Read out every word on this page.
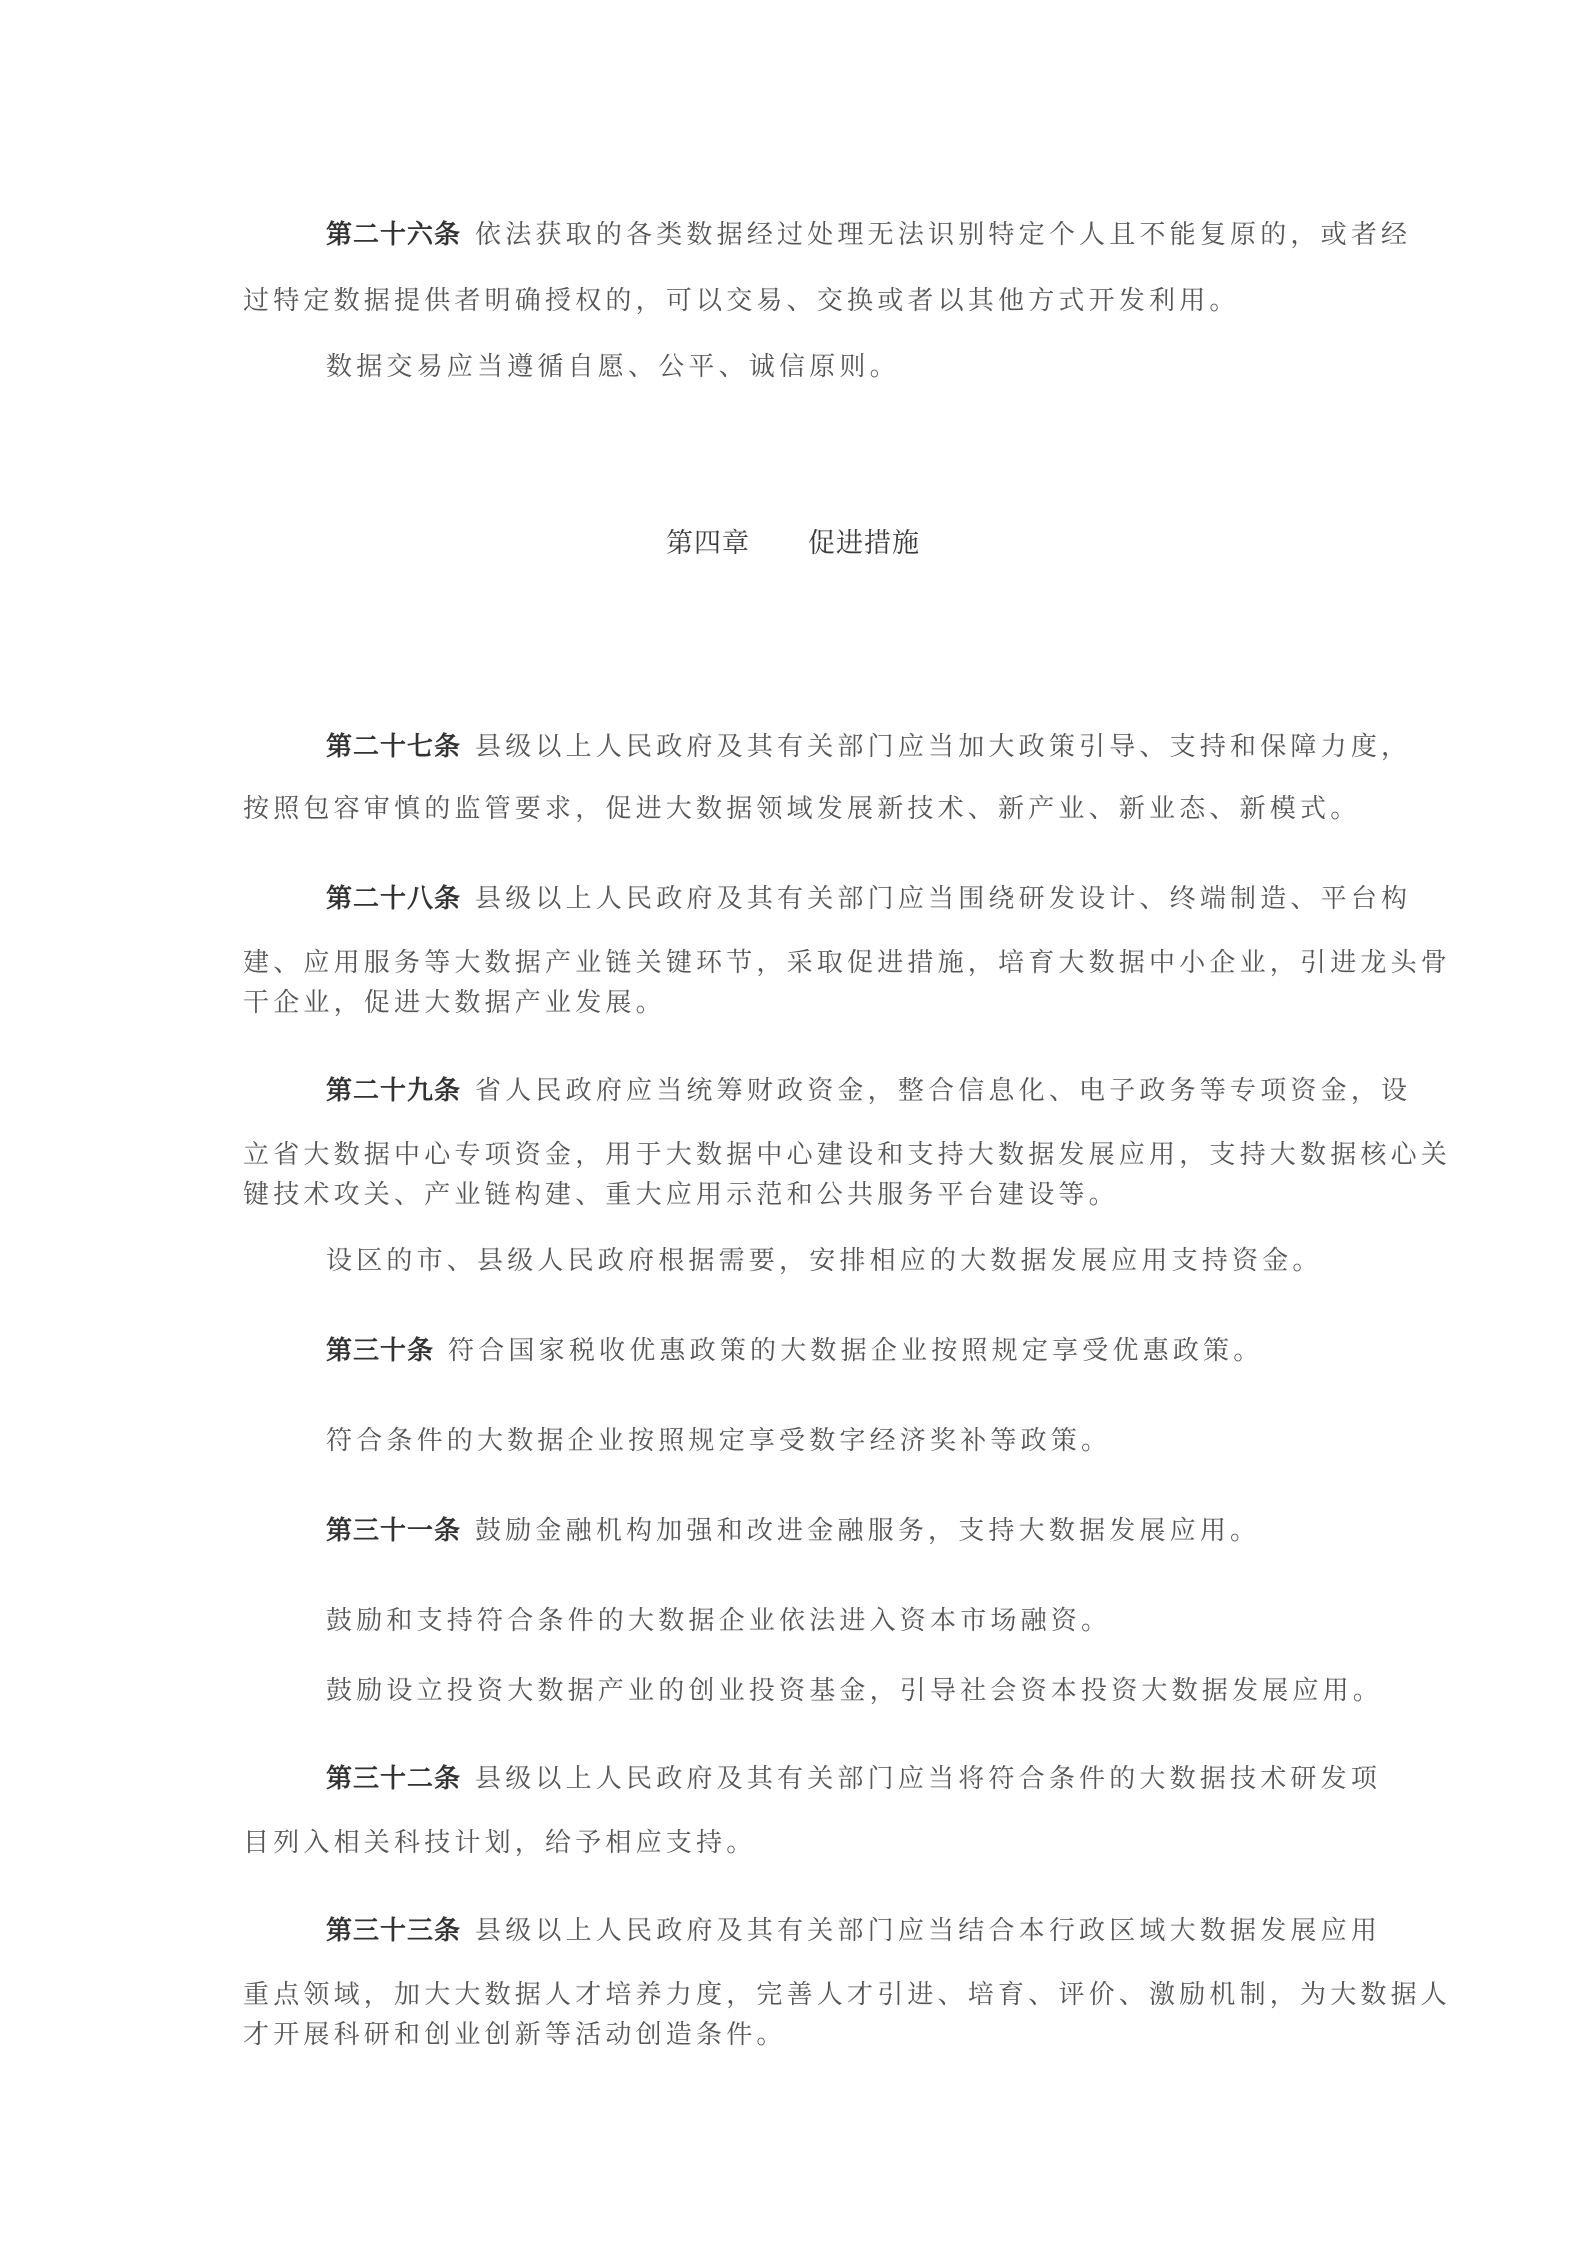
第二十六条 依法获取的各类数据经过处理无法识别特定个人且不能复原的，或者经
过特定数据提供者明确授权的，可以交易、交换或者以其他方式开发利用。
数据交易应当遵循自愿、公平、诚信原则。
第四章 促进措施
第二十七条 县级以上人民政府及其有关部门应当加大政策引导、支持和保障力度，
按照包容审慎的监管要求，促进大数据领域发展新技术、新产业、新业态、新模式。
第二十八条 县级以上人民政府及其有关部门应当围绕研发设计、终端制造、平台构
建、应用服务等大数据产业链关键环节，采取促进措施，培育大数据中小企业，引进龙头骨
干企业，促进大数据产业发展。
第二十九条 省人民政府应当统筹财政资金，整合信息化、电子政务等专项资金，设
立省大数据中心专项资金，用于大数据中心建设和支持大数据发展应用，支持大数据核心关
键技术攻关、产业链构建、重大应用示范和公共服务平台建设等。
设区的市、县级人民政府根据需要，安排相应的大数据发展应用支持资金。
第三十条 符合国家税收优惠政策的大数据企业按照规定享受优惠政策。
符合条件的大数据企业按照规定享受数字经济奖补等政策。
第三十一条 鼓励金融机构加强和改进金融服务，支持大数据发展应用。
鼓励和支持符合条件的大数据企业依法进入资本市场融资。
鼓励设立投资大数据产业的创业投资基金，引导社会资本投资大数据发展应用。
第三十二条 县级以上人民政府及其有关部门应当将符合条件的大数据技术研发项
目列入相关科技计划，给予相应支持。
第三十三条 县级以上人民政府及其有关部门应当结合本行政区域大数据发展应用
重点领域，加大大数据人才培养力度，完善人才引进、培育、评价、激励机制，为大数据人
才开展科研和创业创新等活动创造条件。
